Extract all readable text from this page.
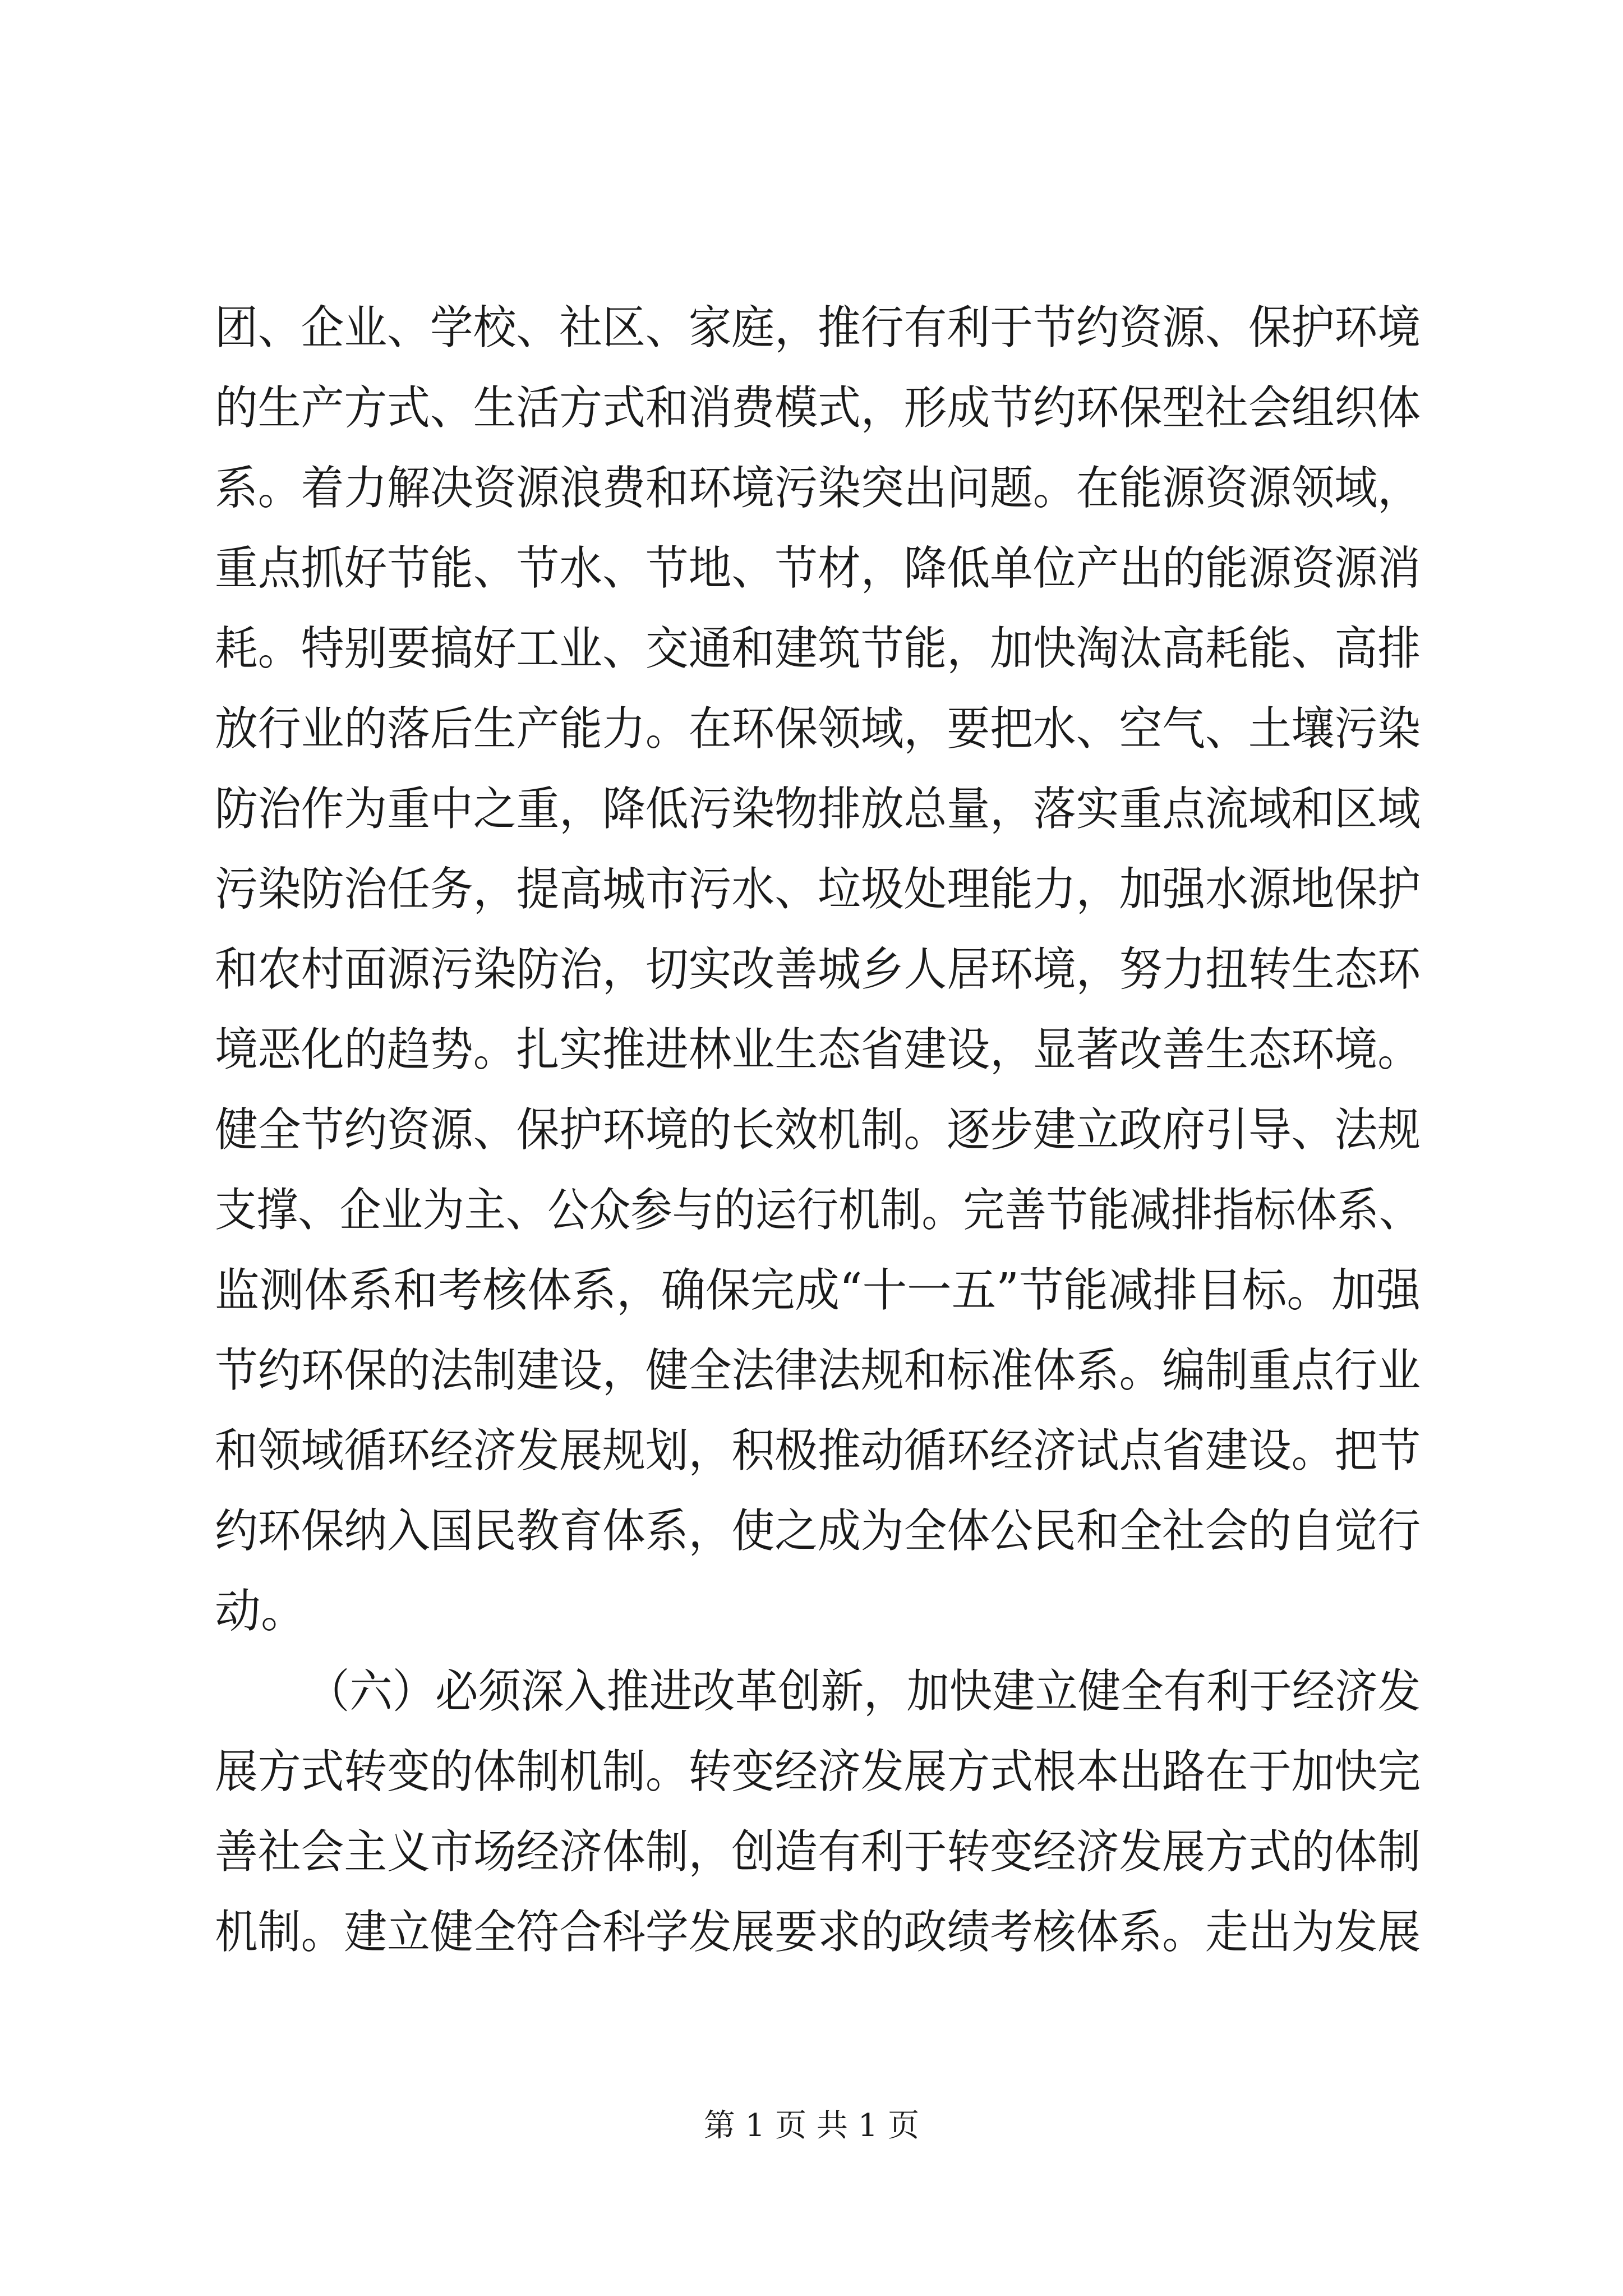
团、企业、学校、社区、家庭，推行有利于节约资源、保护环境
的生产方式、生活方式和消费模式，形成节约环保型社会组织体
系。着力解决资源浪费和环境污染突出问题。在能源资源领域，
重点抓好节能、节水、节地、节材，降低单位产出的能源资源消
耗。特别要搞好工业、交通和建筑节能，加快淘汰高耗能、高排
放行业的落后生产能力。在环保领域，要把水、空气、土壤污染
防治作为重中之重，降低污染物排放总量，落实重点流域和区域
污染防治任务，提高城市污水、垃圾处理能力，加强水源地保护
和农村面源污染防治，切实改善城乡人居环境，努力扭转生态环
境恶化的趋势。扎实推进林业生态省建设，显著改善生态环境。
健全节约资源、保护环境的长效机制。逐步建立政府引导、法规
支撑、企业为主、公众参与的运行机制。完善节能减排指标体系、
监测体系和考核体系，确保完成“十一五”节能减排目标。加强
节约环保的法制建设，健全法律法规和标准体系。编制重点行业
和领域循环经济发展规划，积极推动循环经济试点省建设。把节
约环保纳入国民教育体系，使之成为全体公民和全社会的自觉行
动。
（六）必须深入推进改革创新，加快建立健全有利于经济发
展方式转变的体制机制。转变经济发展方式根本出路在于加快完
善社会主义市场经济体制，创造有利于转变经济发展方式的体制
机制。建立健全符合科学发展要求的政绩考核体系。走出为发展
第 1 页 共 1 页
